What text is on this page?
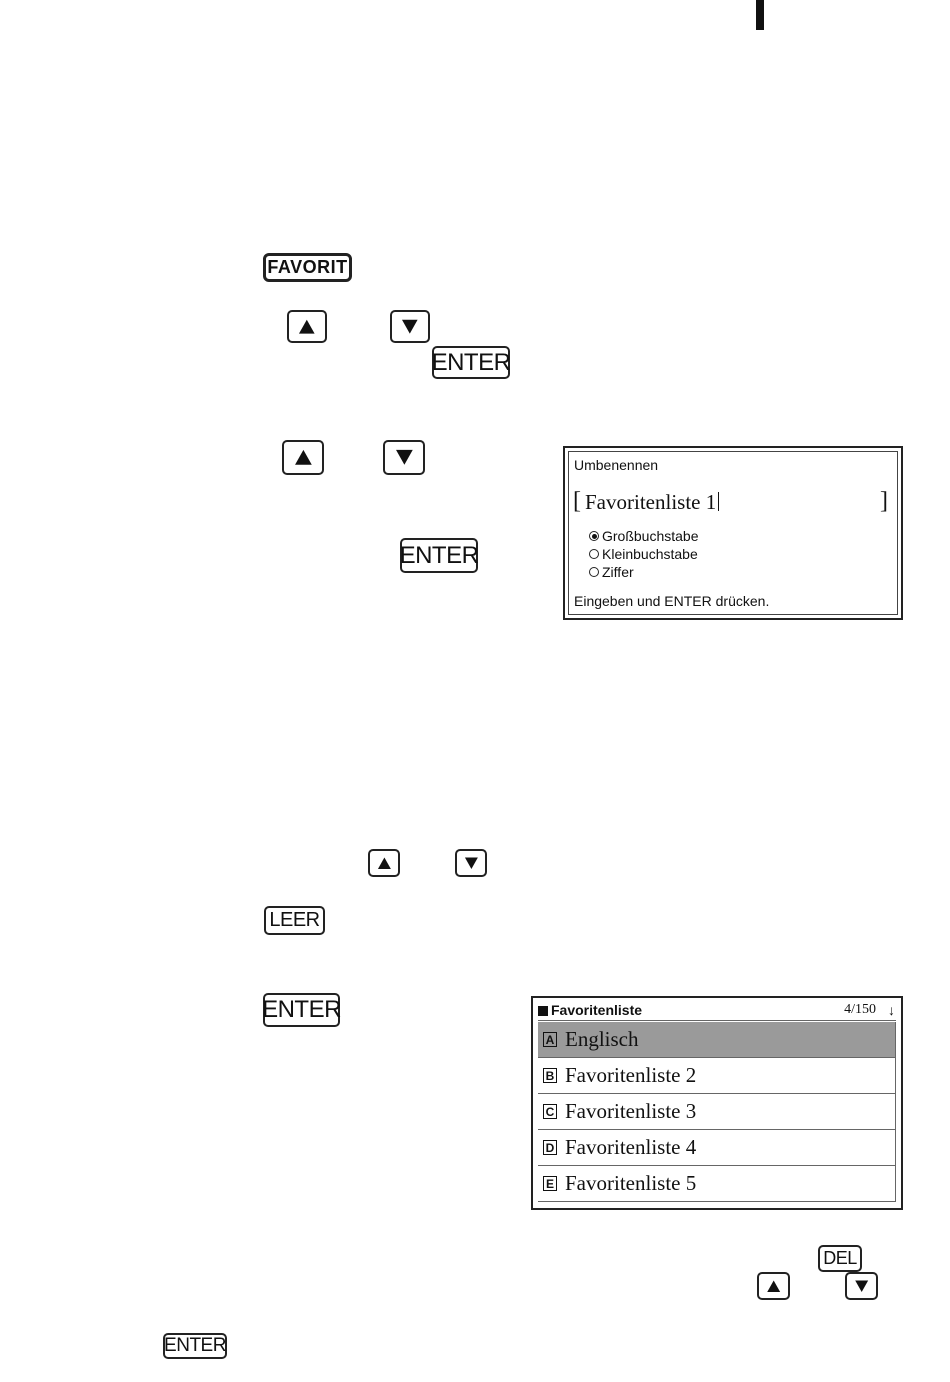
FAVORIT
ENTER
ENTER
Umbenennen
[ Favoritenliste 1	]
Großbuchstabe
Kleinbuchstabe
Ziffer
Eingeben und ENTER drücken.
LEER
ENTER	Favoritenliste	4/150 ↓
A Englisch
B Favoritenliste 2
C Favoritenliste 3
D Favoritenliste 4
E Favoritenliste 5
DEL
ENTER
